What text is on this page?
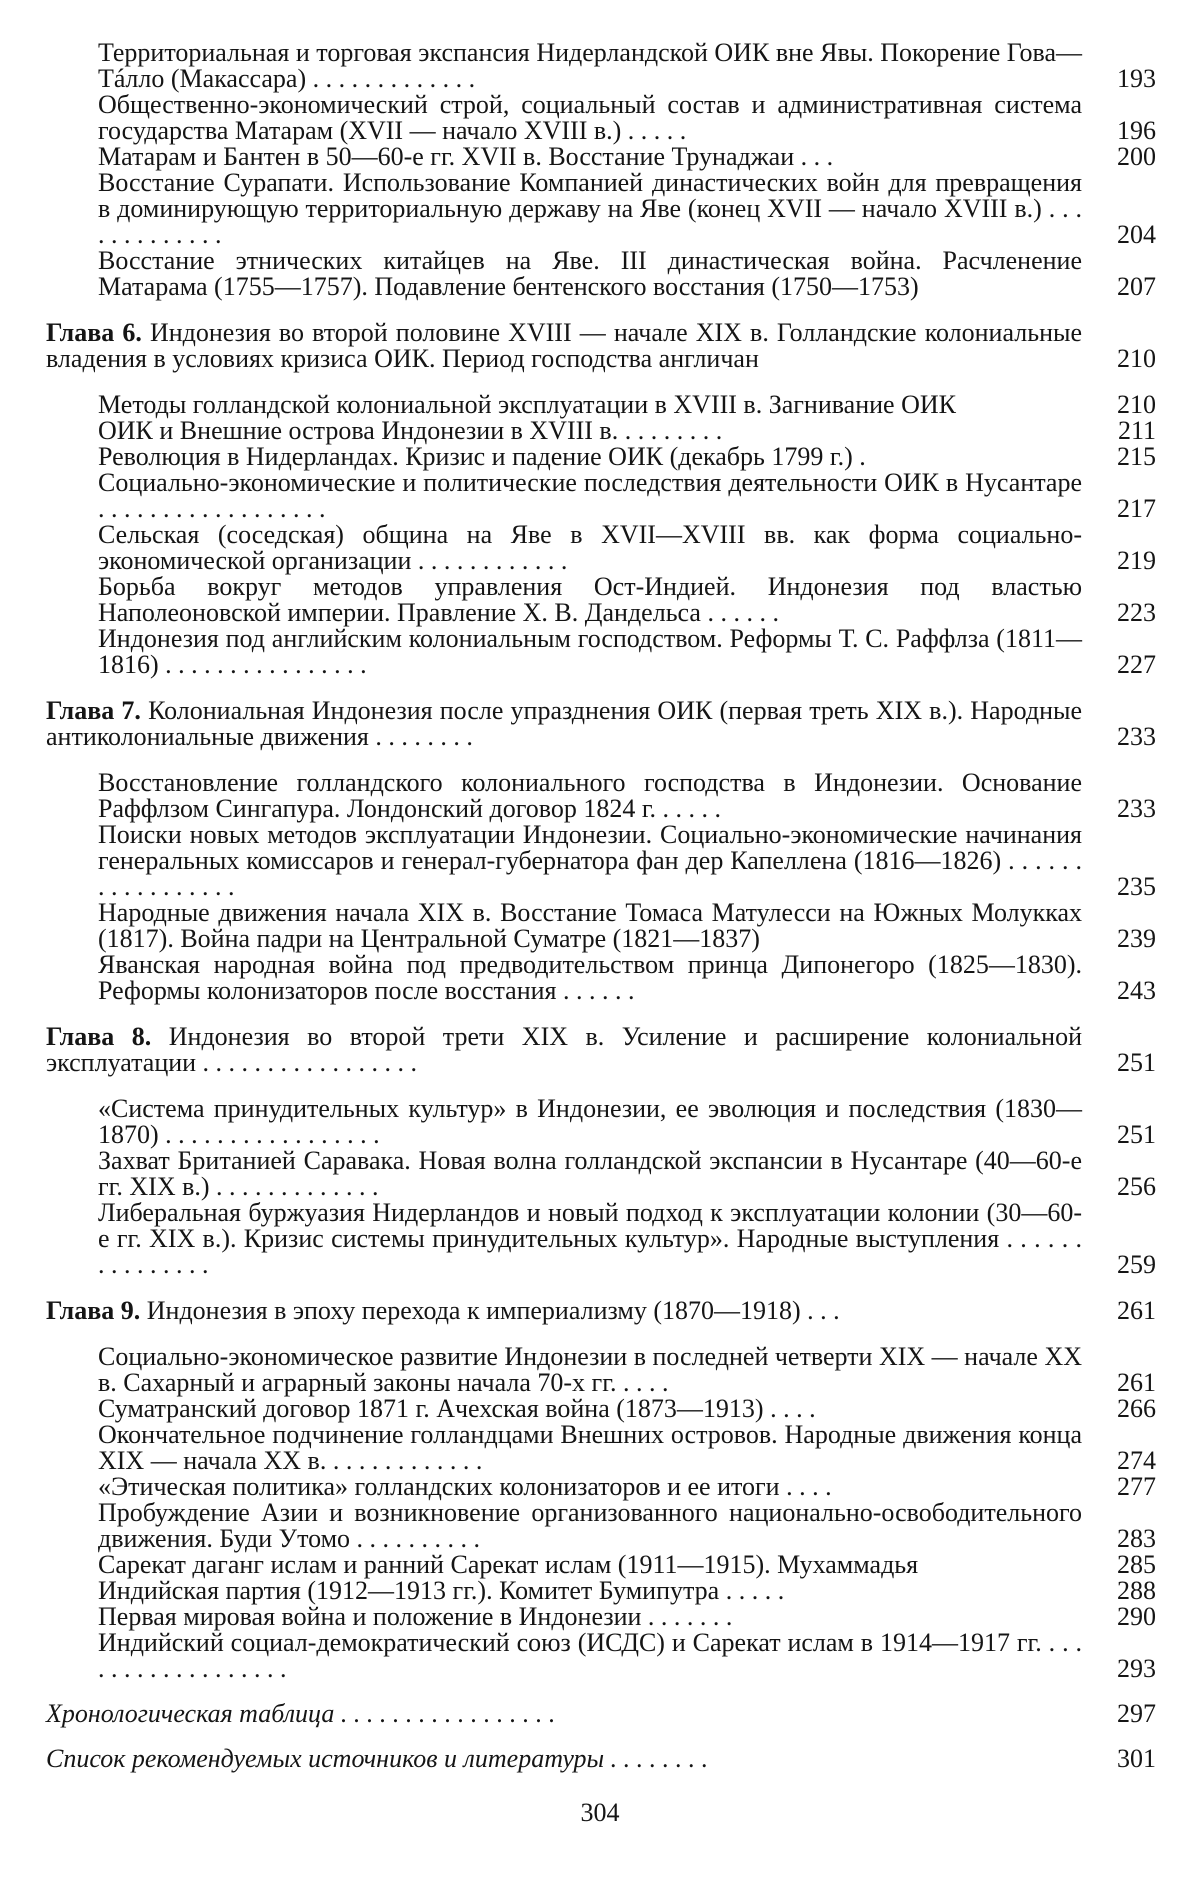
Территориальная и торговая экспансия Нидерландской ОИК вне Явы. Покорение Гова—Тáлло (Макассара) . . . . . . . . . . . . .	193
Общественно-экономический строй, социальный состав и административная система государства Матарам (XVII — начало XVIII в.) . . . . .	196
Матарам и Бантен в 50—60-е гг. XVII в. Восстание Трунаджаи . . .	200
Восстание Сурапати. Использование Компанией династических войн для превращения в доминирующую территориальную державу на Яве (конец XVII — начало XVIII в.) . . . . . . . . . . . . .	204
Восстание этнических китайцев на Яве. III династическая война. Расчленение Матарама (1755—1757). Подавление бентенского восстания (1750—1753)	207
Глава 6. Индонезия во второй половине XVIII — начале XIX в. Голландские колониальные владения в условиях кризиса ОИК. Период господства англичан	210
Методы голландской колониальной эксплуатации в XVIII в. Загнивание ОИК	210
ОИК и Внешние острова Индонезии в XVIII в. . . . . . . . .	211
Революция в Нидерландах. Кризис и падение ОИК (декабрь 1799 г.) .	215
Социально-экономические и политические последствия деятельности ОИК в Нусантаре . . . . . . . . . . . . . . . . . .	217
Сельская (соседская) община на Яве в XVII—XVIII вв. как форма социально-экономической организации . . . . . . . . . . . .	219
Борьба вокруг методов управления Ост-Индией. Индонезия под властью Наполеоновской империи. Правление Х. В. Дандельса . . . . . .	223
Индонезия под английским колониальным господством. Реформы Т. С. Раффлза (1811—1816) . . . . . . . . . . . . . . . .	227
Глава 7. Колониальная Индонезия после упразднения ОИК (первая треть XIX в.). Народные антиколониальные движения . . . . . . . .	233
Восстановление голландского колониального господства в Индонезии. Основание Раффлзом Сингапура. Лондонский договор 1824 г. . . . . .	233
Поиски новых методов эксплуатации Индонезии. Социально-экономические начинания генеральных комиссаров и генерал-губернатора фан дер Капеллена (1816—1826) . . . . . . . . . . . . . . . . .	235
Народные движения начала XIX в. Восстание Томаса Матулесси на Южных Молукках (1817). Война падри на Центральной Суматре (1821—1837)	239
Яванская народная война под предводительством принца Дипонегоро (1825—1830). Реформы колонизаторов после восстания . . . . . .	243
Глава 8. Индонезия во второй трети XIX в. Усиление и расширение колониальной эксплуатации . . . . . . . . . . . . . . . . .	251
«Система принудительных культур» в Индонезии, ее эволюция и последствия (1830—1870) . . . . . . . . . . . . . . . . .	251
Захват Британией Саравака. Новая волна голландской экспансии в Нусантаре (40—60-е гг. XIX в.) . . . . . . . . . . . . .	256
Либеральная буржуазия Нидерландов и новый подход к эксплуатации колонии (30—60-е гг. XIX в.). Кризис системы принудительных культур». Народные выступления . . . . . . . . . . . . . . .	259
Глава 9. Индонезия в эпоху перехода к империализму (1870—1918) . . .	261
Социально-экономическое развитие Индонезии в последней четверти XIX — начале XX в. Сахарный и аграрный законы начала 70-х гг. . . . .	261
Суматранский договор 1871 г. Ачехская война (1873—1913) . . . .	266
Окончательное подчинение голландцами Внешних островов. Народные движения конца XIX — начала XX в. . . . . . . . . . . . .	274
«Этическая политика» голландских колонизаторов и ее итоги . . . .	277
Пробуждение Азии и возникновение организованного национально-освободительного движения. Буди Утомо . . . . . . . . . .	283
Сарекат даганг ислам и ранний Сарекат ислам (1911—1915). Мухаммадья	285
Индийская партия (1912—1913 гг.). Комитет Бумипутра . . . . .	288
Первая мировая война и положение в Индонезии . . . . . . .	290
Индийский социал-демократический союз (ИСДС) и Сарекат ислам в 1914—1917 гг. . . . . . . . . . . . . . . . . . .	293
Хронологическая таблица . . . . . . . . . . . . . . . . .	297
Список рекомендуемых источников и литературы . . . . . . . .	301
304
